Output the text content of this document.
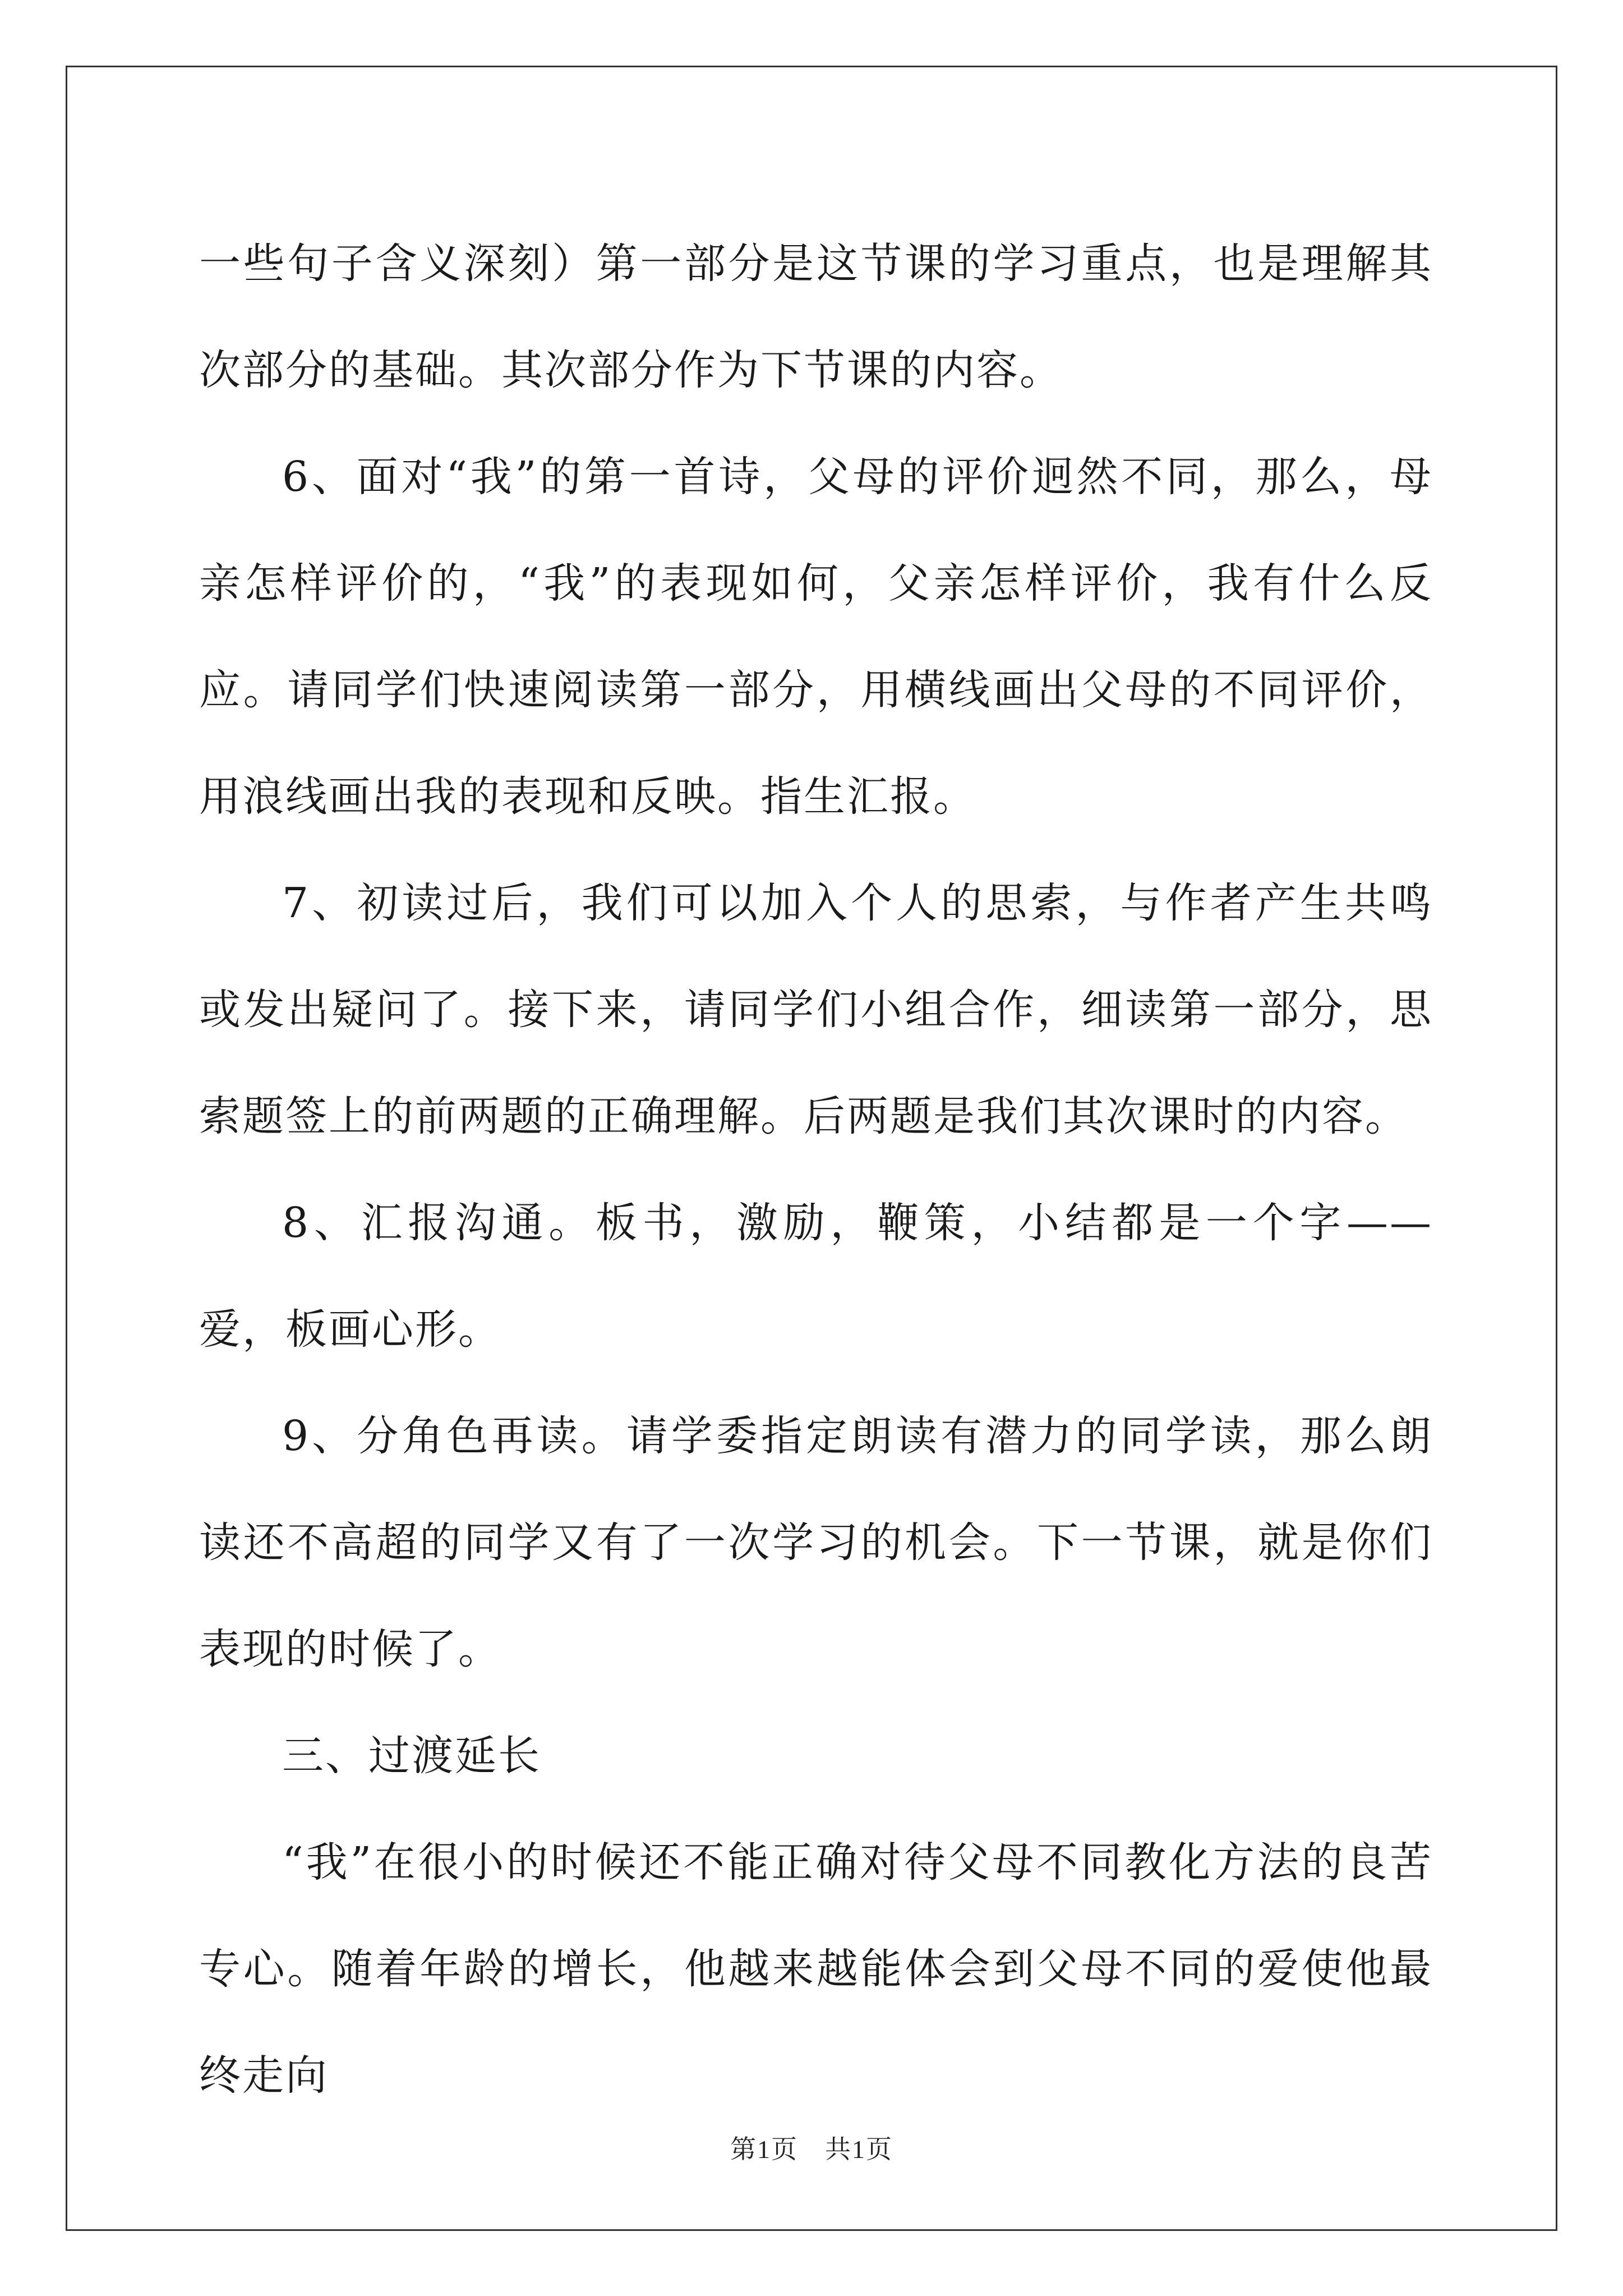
一些句子含义深刻）第一部分是这节课的学习重点，也是理解其次部分的基础。其次部分作为下节课的内容。

6、面对“我”的第一首诗，父母的评价迥然不同，那么，母亲怎样评价的，“我”的表现如何，父亲怎样评价，我有什么反应。请同学们快速阅读第一部分，用横线画出父母的不同评价，用浪线画出我的表现和反映。指生汇报。

7、初读过后，我们可以加入个人的思索，与作者产生共鸣或发出疑问了。接下来，请同学们小组合作，细读第一部分，思索题签上的前两题的正确理解。后两题是我们其次课时的内容。

8、汇报沟通。板书，激励，鞭策，小结都是一个字——爱，板画心形。

9、分角色再读。请学委指定朗读有潜力的同学读，那么朗读还不高超的同学又有了一次学习的机会。下一节课，就是你们表现的时候了。

三、过渡延长

“我”在很小的时候还不能正确对待父母不同教化方法的良苦专心。随着年龄的增长，他越来越能体会到父母不同的爱使他最终走向

第1页　共1页
